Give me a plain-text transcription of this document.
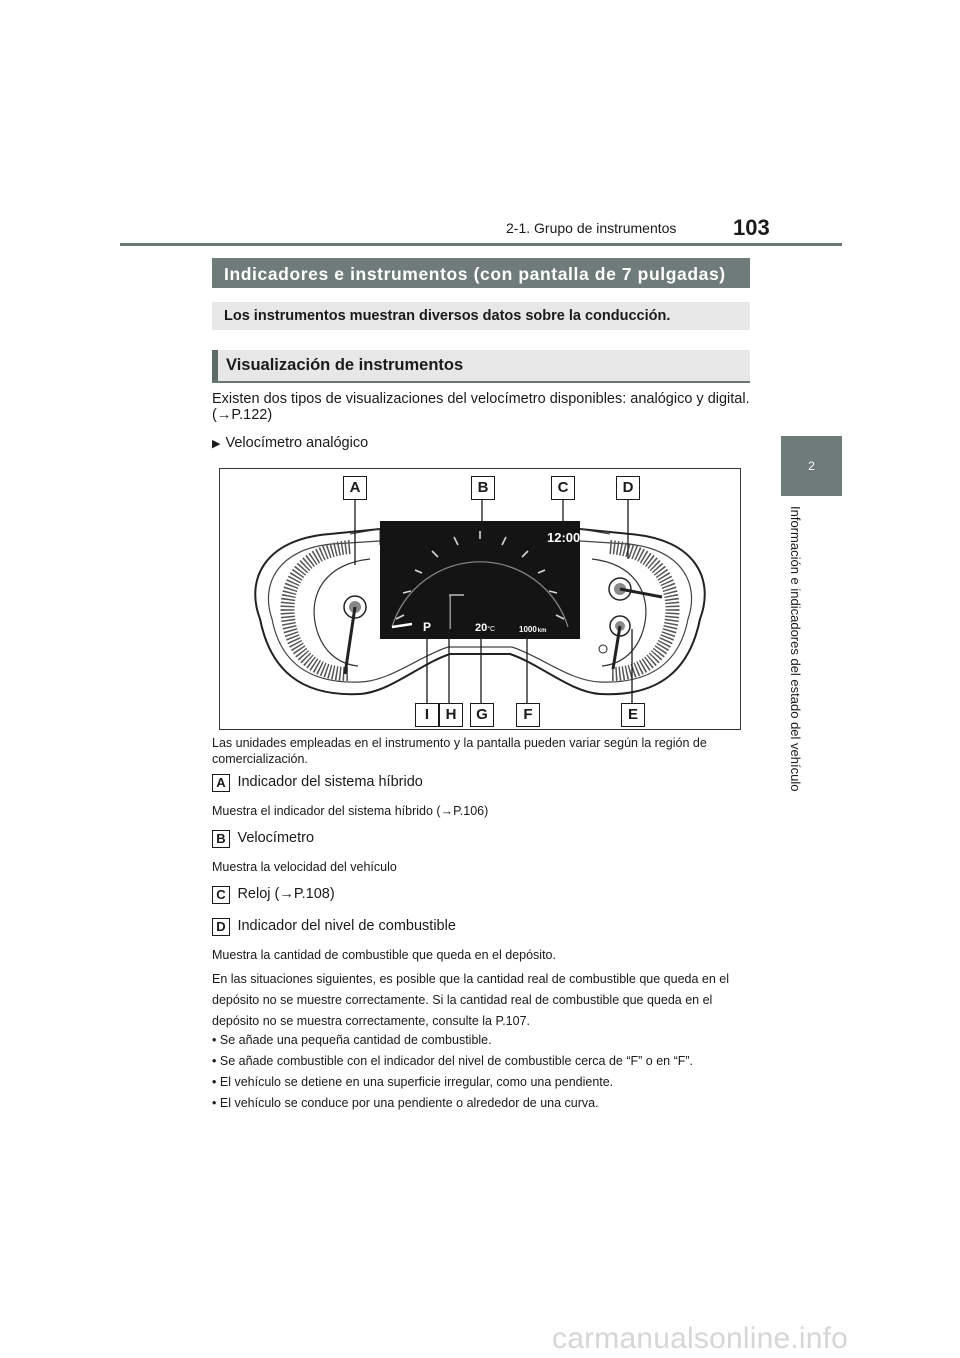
2-1. Grupo de instrumentos	103
2
Información e indicadores del estado del vehículo
Indicadores e instrumentos (con pantalla de 7 pulgadas)
Los instrumentos muestran diversos datos sobre la conducción.
Visualización de instrumentos
Existen dos tipos de visualizaciones del velocímetro disponibles: analógico y digital.
(→P.122)
▶ Velocímetro analógico
12:00
P	20°C	1000km
A	B	C	D
I	H	G	F	E
Las unidades empleadas en el instrumento y la pantalla pueden variar según la región de
comercialización.
A Indicador del sistema híbrido
Muestra el indicador del sistema híbrido (→P.106)
B Velocímetro
Muestra la velocidad del vehículo
C Reloj (→P.108)
D Indicador del nivel de combustible
Muestra la cantidad de combustible que queda en el depósito.
En las situaciones siguientes, es posible que la cantidad real de combustible que queda en el
depósito no se muestre correctamente. Si la cantidad real de combustible que queda en el
depósito no se muestra correctamente, consulte la P.107.
• Se añade una pequeña cantidad de combustible.
• Se añade combustible con el indicador del nivel de combustible cerca de “F” o en “F”.
• El vehículo se detiene en una superficie irregular, como una pendiente.
• El vehículo se conduce por una pendiente o alrededor de una curva.
carmanualsonline.info
